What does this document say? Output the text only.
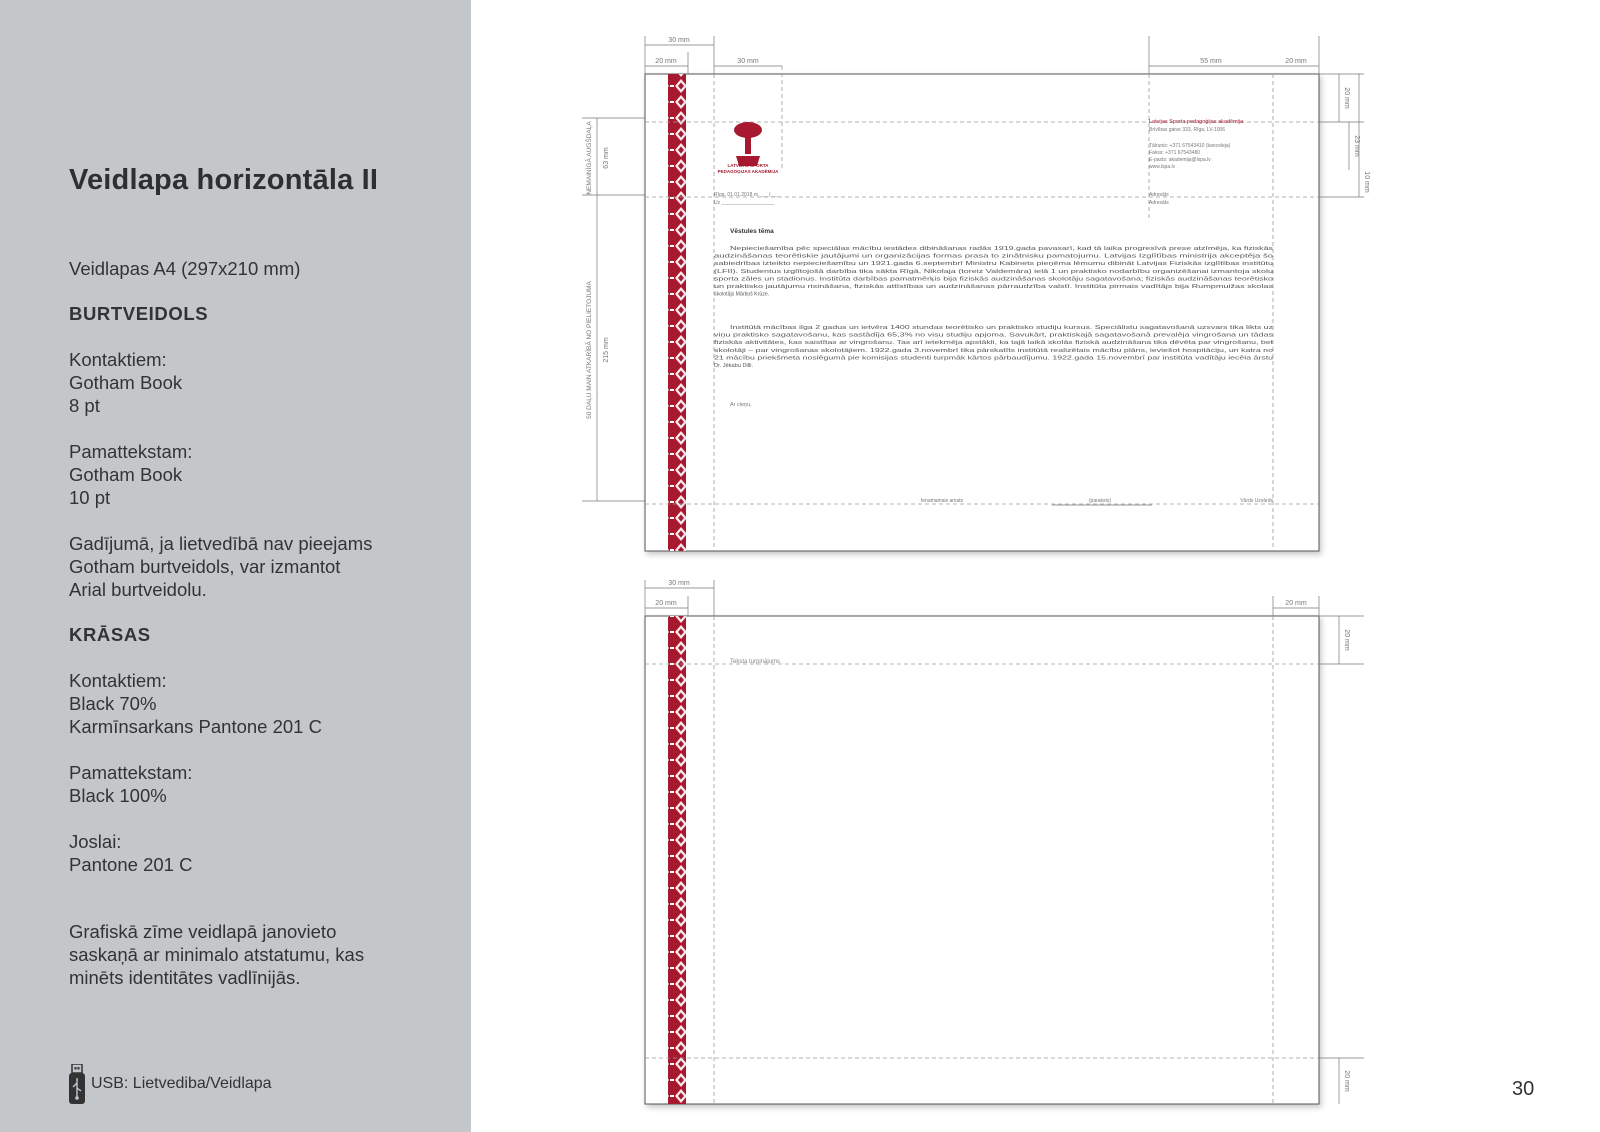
Veidlapa horizontāla II
Veidlapas A4 (297x210 mm)
BURTVEIDOLS
Kontaktiem:
Gotham Book
8 pt
Pamattekstam:
Gotham Book
10 pt
Gadījumā, ja lietvedībā nav pieejams
Gotham burtveidols, var izmantot
Arial burtveidolu.
KRĀSAS
Kontaktiem:
Black 70%
Karmīnsarkans Pantone 201 C
Pamattekstam:
Black 100%
Joslai:
Pantone 201 C
Grafiskā zīme veidlapā janovieto
saskaņā ar minimalo atstatumu, kas
minēts identitātes vadlīnijās.
USB: Lietvediba/Veidlapa
30 mm
20 mm	30 mm	55 mm	20 mm
20 mm
23 mm
10 mm
63 mm
215 mm
NEMAINĪGĀ AUGŠDAĻA
50 DAĻU MAIN ATKARĪBĀ NO PIELIETOJUMA
LATVIJAS SPORTA
PEDAGOĢIJAS AKADĒMIJA
Latvijas Sporta pedagoģijas akadēmija
Brīvības gatve 333, Rīga, LV-1006
Tālrunis: +371 67543410 (kanceleja)
Fakss: +371 67543480
E-pasts: akademija@lspa.lv
www.lspa.lv
Adresāts
Adresāts
Rīga, 01.01.2018 nr. ___/___
Uz ___________________
Vēstules tēma
Nepieciešamība pēc speciālas mācību iestādes dibināšanas radās 1919.gada pavasarī, kad tā laika progresīvā prese atzīmēja, ka fiziskās
audzināšanas teorētiskie jautājumi un organizācijas formas prasa to zinātnisku pamatojumu. Latvijas Izglītības ministrija akceptēja šo
sabiedrības izteikto nepieciešamību un 1921.gada 6.septembrī Ministru Kabinets pieņēma lēmumu dibināt Latvijas Fiziskās izglītības institūtu
(LFII). Studentus izglītojošā darbība tika sākta Rīgā, Nikolaja (toreiz Valdemāra) ielā 1 un praktisko nodarbību organizēšanai izmantoja skolu
sporta zāles un stadionus. Institūta darbības pamatmērķis bija fiziskās audzināšanas skolotāju sagatavošana; fiziskās audzināšanas teorētisko
un praktisko jautājumu risināšana, fiziskās attīstības un audzināšanas pārraudzība valstī. Institūta pirmais vadītājs bija Rumpmuižas skolas
skolotājs Mārtiņš Krūze.
Institūtā mācības ilga 2 gadus un ietvēra 1400 stundas teorētisko un praktisko studiju kursus. Speciālistu sagatavošanā uzsvars tika likts uz
viņu praktisko sagatavošanu, kas sastādīja 65,3% no visu studiju apjoma. Savukārt, praktiskajā sagatavošanā prevalēja vingrošana un tādas
fiziskās aktivitātes, kas saistītas ar vingrošanu. Tas arī ietekmēja apstākli, ka tajā laikā skolās fiziskā audzināšana tika dēvēta par vingrošanu, bet
skolotāji – par vingrošanas skolotājiem. 1922.gada 3.novembrī tika pārskatīts institūtā realizētais mācību plāns, ieviešot hospitāciju, un katra no
21 mācību priekšmeta noslēgumā pie komisijas studenti turpmāk kārtos pārbaudījumu. 1922.gada 15.novembrī par institūta vadītāju iecēla ārstu
Dr. Jēkabu Dilli.
Ar cieņu,
Ienamamais amats	(paraksts)	Vārds Uzvārds
30 mm
20 mm	20 mm
20 mm
20 mm
Teksta turpinājums
30
